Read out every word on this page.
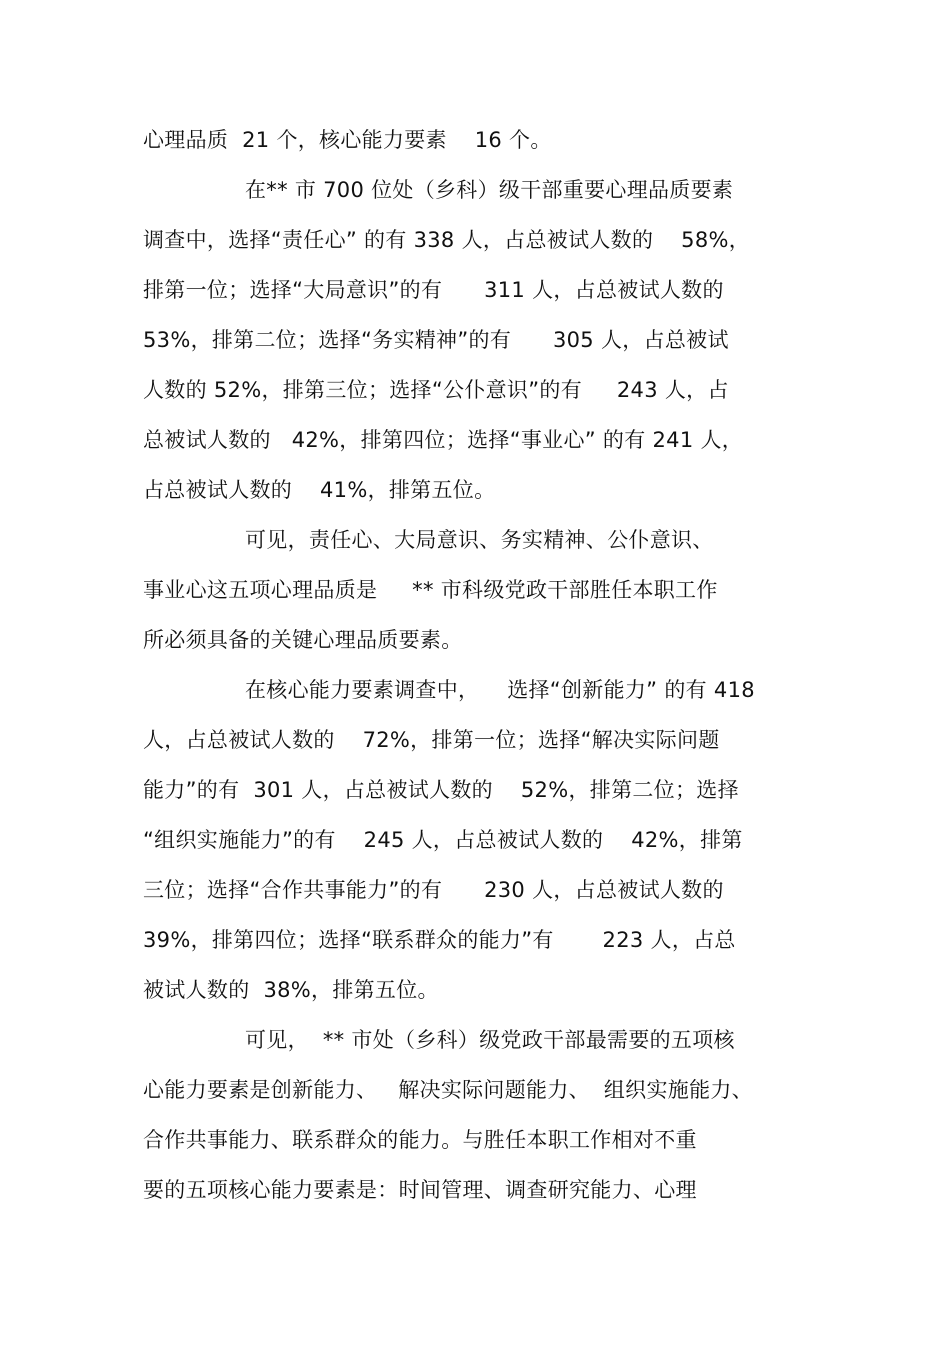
心理品质  21 个，核心能力要素    16 个。
在** 市 700 位处（乡科）级干部重要心理品质要素
调查中，选择“责任心” 的有 338 人，占总被试人数的    58%，
排第一位；选择“大局意识”的有      311 人，占总被试人数的
53%，排第二位；选择“务实精神”的有      305 人，占总被试
人数的 52%，排第三位；选择“公仆意识”的有     243 人，占
总被试人数的   42%，排第四位；选择“事业心” 的有 241 人，
占总被试人数的    41%，排第五位。
可见，责任心、大局意识、务实精神、公仆意识、
事业心这五项心理品质是     ** 市科级党政干部胜任本职工作
所必须具备的关键心理品质要素。
在核心能力要素调查中，    选择“创新能力” 的有 418
人，占总被试人数的    72%，排第一位；选择“解决实际问题
能力”的有  301 人，占总被试人数的    52%，排第二位；选择
“组织实施能力”的有    245 人，占总被试人数的    42%，排第
三位；选择“合作共事能力”的有      230 人，占总被试人数的
39%，排第四位；选择“联系群众的能力”有       223 人，占总
被试人数的  38%，排第五位。
可见，  ** 市处（乡科）级党政干部最需要的五项核
心能力要素是创新能力、   解决实际问题能力、  组织实施能力、
合作共事能力、联系群众的能力。与胜任本职工作相对不重
要的五项核心能力要素是：时间管理、调查研究能力、心理
